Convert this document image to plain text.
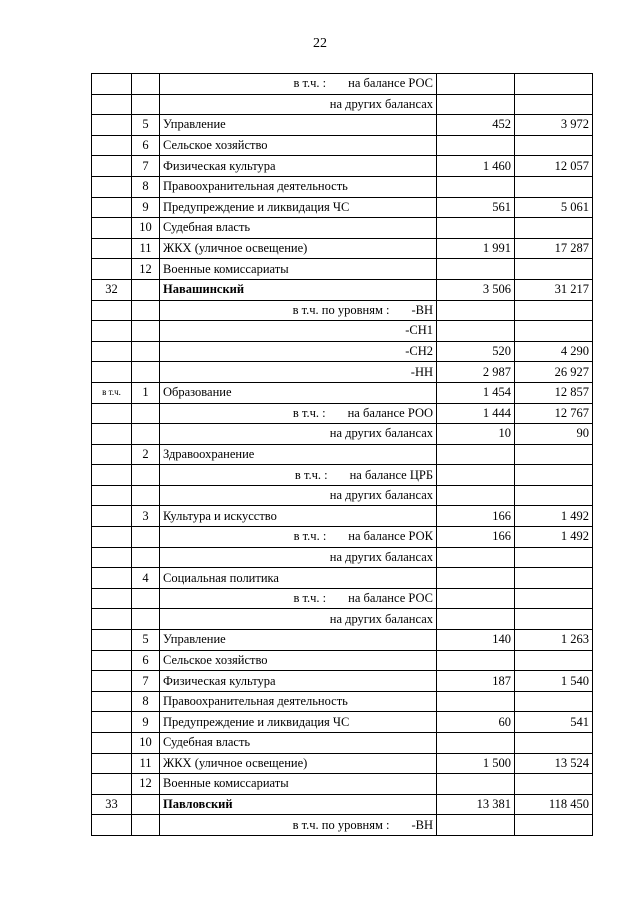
22
		в т.ч. : на балансе РОС		
		на других балансах		
	5	Управление	452	3 972
	6	Сельское хозяйство		
	7	Физическая культура	1 460	12 057
	8	Правоохранительная деятельность		
	9	Предупреждение и ликвидация ЧС	561	5 061
	10	Судебная власть		
	11	ЖКХ (уличное освещение)	1 991	17 287
	12	Военные комиссариаты		
32		Навашинский	3 506	31 217
		в т.ч. по уровням : -ВН		
		-СН1		
		-СН2	520	4 290
		-НН	2 987	26 927
в т.ч.	1	Образование	1 454	12 857
		в т.ч. : на балансе РОО	1 444	12 767
		на других балансах	10	90
	2	Здравоохранение		
		в т.ч. : на балансе ЦРБ		
		на других балансах		
	3	Культура и искусство	166	1 492
		в т.ч. : на балансе РОК	166	1 492
		на других балансах		
	4	Социальная политика		
		в т.ч. : на балансе РОС		
		на других балансах		
	5	Управление	140	1 263
	6	Сельское хозяйство		
	7	Физическая культура	187	1 540
	8	Правоохранительная деятельность		
	9	Предупреждение и ликвидация ЧС	60	541
	10	Судебная власть		
	11	ЖКХ (уличное освещение)	1 500	13 524
	12	Военные комиссариаты		
33		Павловский	13 381	118 450
		в т.ч. по уровням : -ВН		
